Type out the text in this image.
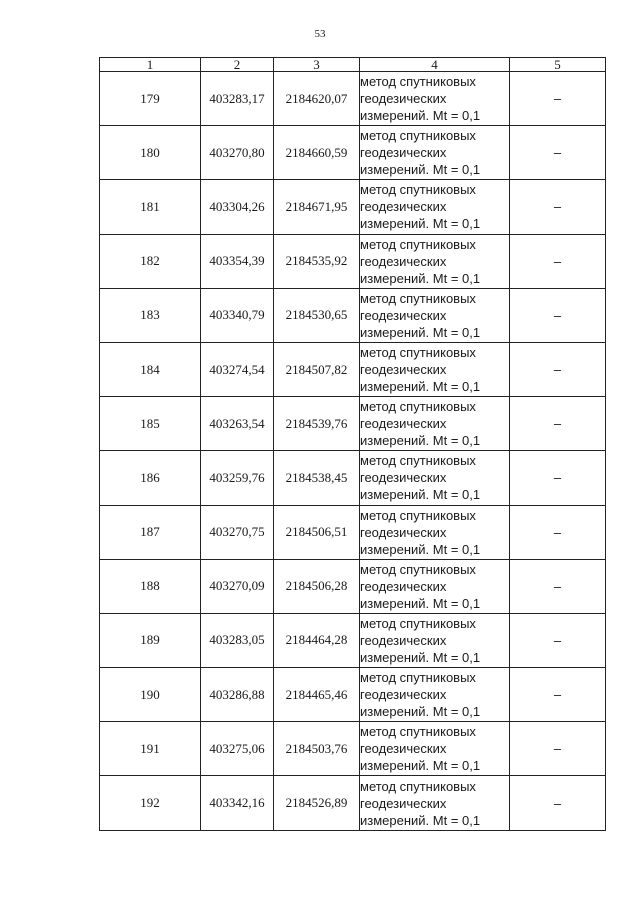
53
1	2	3	4	5
179	403283,17	2184620,07	метод спутниковых
геодезических
измерений. Mt = 0,1	–
180	403270,80	2184660,59	метод спутниковых
геодезических
измерений. Mt = 0,1	–
181	403304,26	2184671,95	метод спутниковых
геодезических
измерений. Mt = 0,1	–
182	403354,39	2184535,92	метод спутниковых
геодезических
измерений. Mt = 0,1	–
183	403340,79	2184530,65	метод спутниковых
геодезических
измерений. Mt = 0,1	–
184	403274,54	2184507,82	метод спутниковых
геодезических
измерений. Mt = 0,1	–
185	403263,54	2184539,76	метод спутниковых
геодезических
измерений. Mt = 0,1	–
186	403259,76	2184538,45	метод спутниковых
геодезических
измерений. Mt = 0,1	–
187	403270,75	2184506,51	метод спутниковых
геодезических
измерений. Mt = 0,1	–
188	403270,09	2184506,28	метод спутниковых
геодезических
измерений. Mt = 0,1	–
189	403283,05	2184464,28	метод спутниковых
геодезических
измерений. Mt = 0,1	–
190	403286,88	2184465,46	метод спутниковых
геодезических
измерений. Mt = 0,1	–
191	403275,06	2184503,76	метод спутниковых
геодезических
измерений. Mt = 0,1	–
192	403342,16	2184526,89	метод спутниковых
геодезических
измерений. Mt = 0,1	–
